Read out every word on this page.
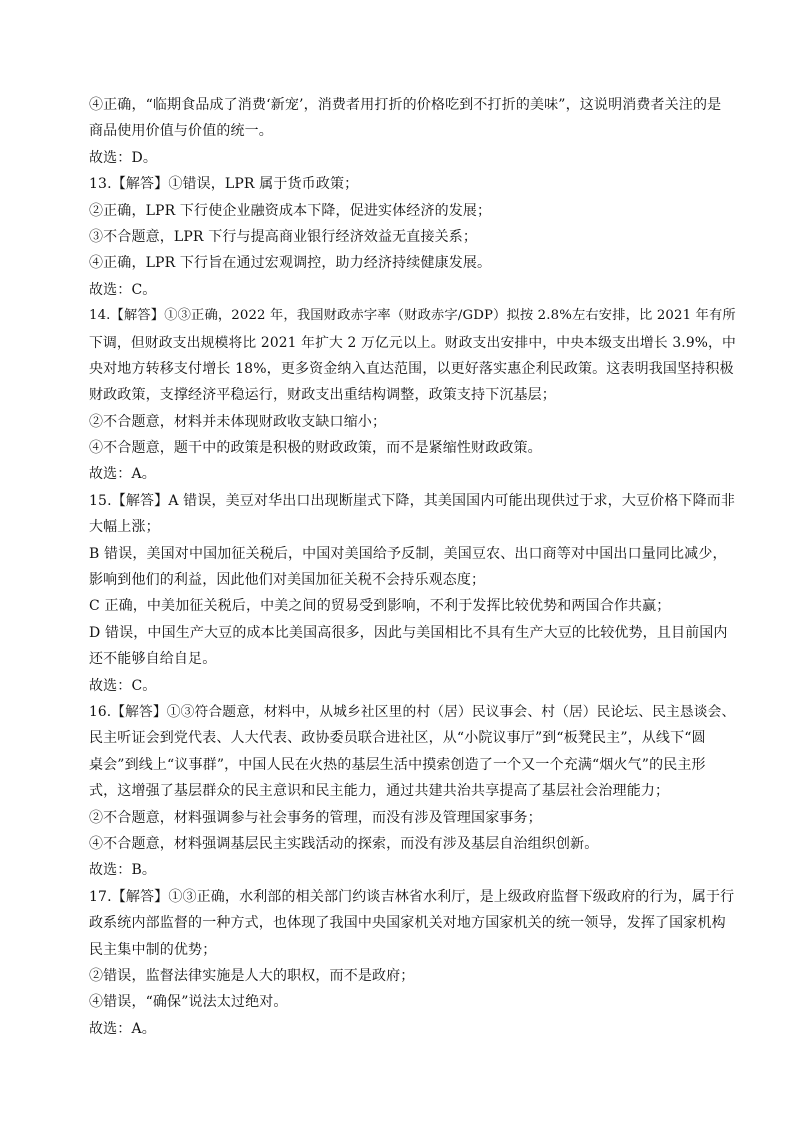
④正确，“临期食品成了消费‘新宠’，消费者用打折的价格吃到不打折的美味”，这说明消费者关注的是
商品使用价值与价值的统一。
故选：D。
13.【解答】①错误，LPR 属于货币政策；
②正确，LPR 下行使企业融资成本下降，促进实体经济的发展；
③不合题意，LPR 下行与提高商业银行经济效益无直接关系；
④正确，LPR 下行旨在通过宏观调控，助力经济持续健康发展。
故选：C。
14.【解答】①③正确，2022 年，我国财政赤字率（财政赤字/GDP）拟按 2.8%左右安排，比 2021 年有所
下调，但财政支出规模将比 2021 年扩大 2 万亿元以上。财政支出安排中，中央本级支出增长 3.9%，中
央对地方转移支付增长 18%，更多资金纳入直达范围，以更好落实惠企利民政策。这表明我国坚持积极
财政政策，支撑经济平稳运行，财政支出重结构调整，政策支持下沉基层；
②不合题意，材料并未体现财政收支缺口缩小；
④不合题意，题干中的政策是积极的财政政策，而不是紧缩性财政政策。
故选：A。
15.【解答】A 错误，美豆对华出口出现断崖式下降，其美国国内可能出现供过于求，大豆价格下降而非
大幅上涨；
B 错误，美国对中国加征关税后，中国对美国给予反制，美国豆农、出口商等对中国出口量同比减少，
影响到他们的利益，因此他们对美国加征关税不会持乐观态度；
C 正确，中美加征关税后，中美之间的贸易受到影响，不利于发挥比较优势和两国合作共赢；
D 错误，中国生产大豆的成本比美国高很多，因此与美国相比不具有生产大豆的比较优势，且目前国内
还不能够自给自足。
故选：C。
16.【解答】①③符合题意，材料中，从城乡社区里的村（居）民议事会、村（居）民论坛、民主恳谈会、
民主听证会到党代表、人大代表、政协委员联合进社区，从“小院议事厅”到“板凳民主”，从线下“圆
桌会”到线上“议事群”，中国人民在火热的基层生活中摸索创造了一个又一个充满“烟火气”的民主形
式，这增强了基层群众的民主意识和民主能力，通过共建共治共享提高了基层社会治理能力；
②不合题意，材料强调参与社会事务的管理，而没有涉及管理国家事务；
④不合题意，材料强调基层民主实践活动的探索，而没有涉及基层自治组织创新。
故选：B。
17.【解答】①③正确，水利部的相关部门约谈吉林省水利厅，是上级政府监督下级政府的行为，属于行
政系统内部监督的一种方式，也体现了我国中央国家机关对地方国家机关的统一领导，发挥了国家机构
民主集中制的优势；
②错误，监督法律实施是人大的职权，而不是政府；
④错误，“确保”说法太过绝对。
故选：A。
